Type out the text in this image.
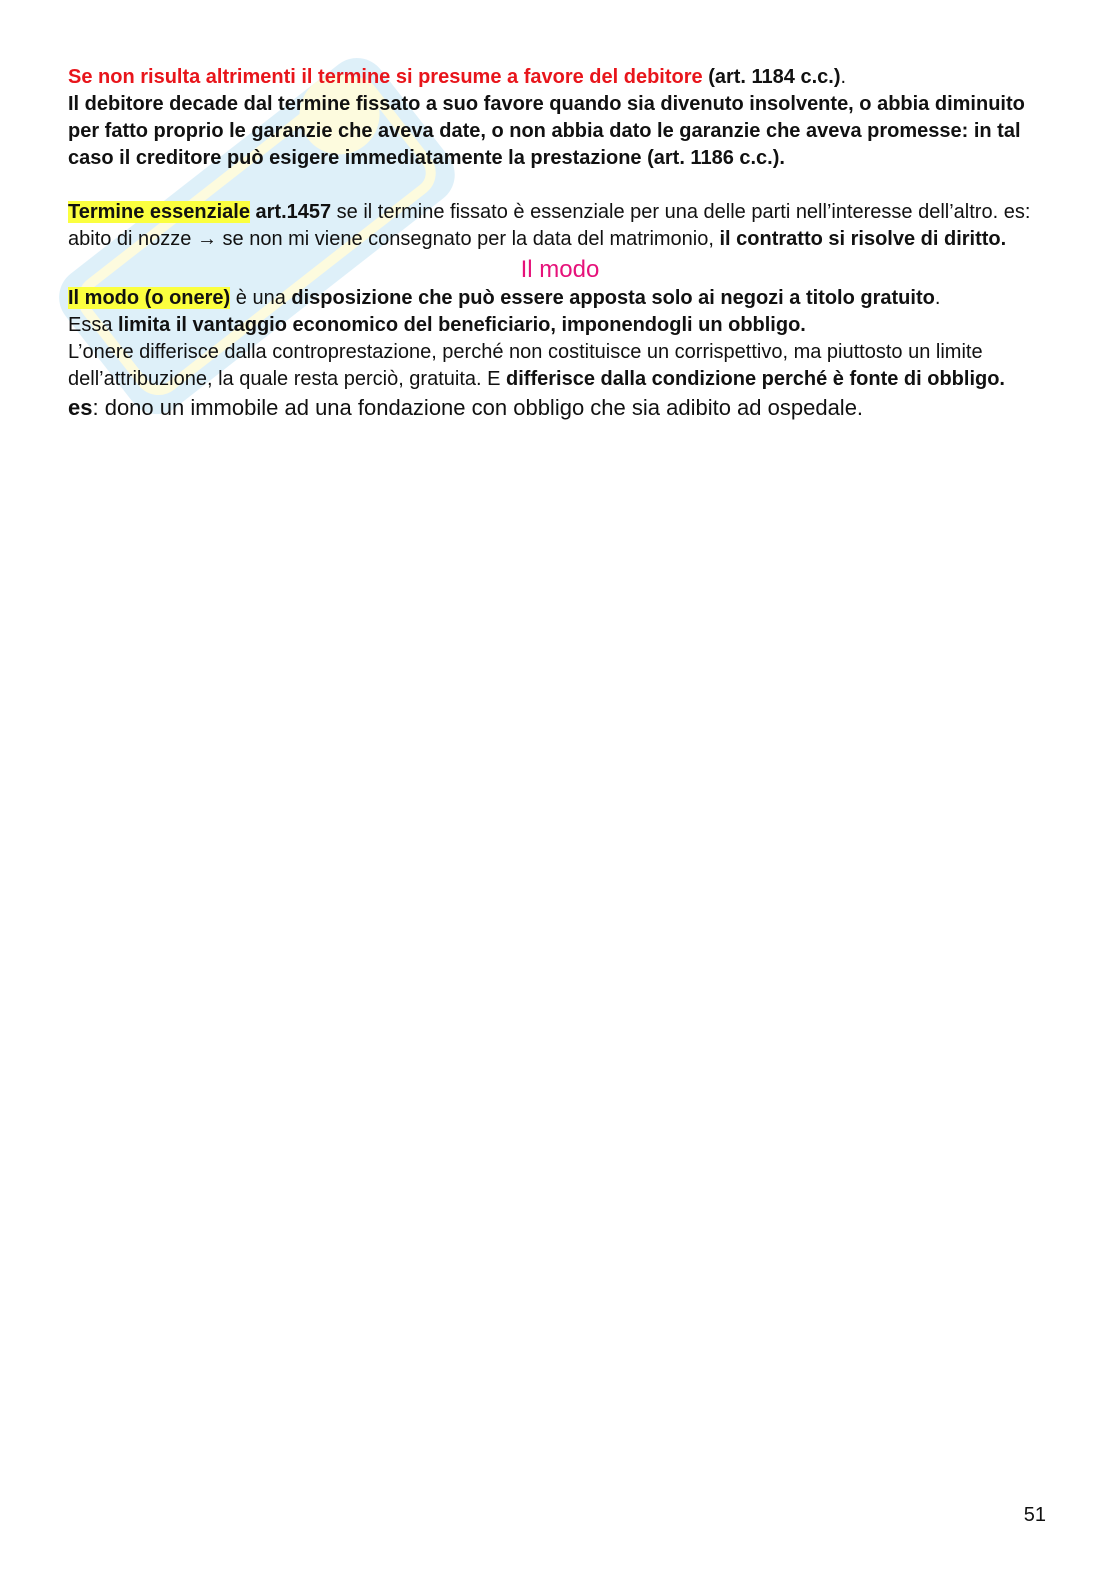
Se non risulta altrimenti il termine si presume a favore del debitore (art. 1184 c.c.).

Il debitore decade dal termine fissato a suo favore quando sia divenuto insolvente, o abbia diminuito per fatto proprio le garanzie che aveva date, o non abbia dato le garanzie che aveva promesse: in tal caso il creditore può esigere immediatamente la prestazione (art. 1186 c.c.).

Termine essenziale art.1457 se il termine fissato è essenziale per una delle parti nell’interesse dell’altro. es: abito di nozze → se non mi viene consegnato per la data del matrimonio, il contratto si risolve di diritto.

Il modo

Il modo (o onere) è una disposizione che può essere apposta solo ai negozi a titolo gratuito.

Essa limita il vantaggio economico del beneficiario, imponendogli un obbligo.

L’onere differisce dalla controprestazione, perché non costituisce un corrispettivo, ma piuttosto un limite dell’attribuzione, la quale resta perciò, gratuita. E differisce dalla condizione perché è fonte di obbligo.

es: dono un immobile ad una fondazione con obbligo che sia adibito ad ospedale.

51
